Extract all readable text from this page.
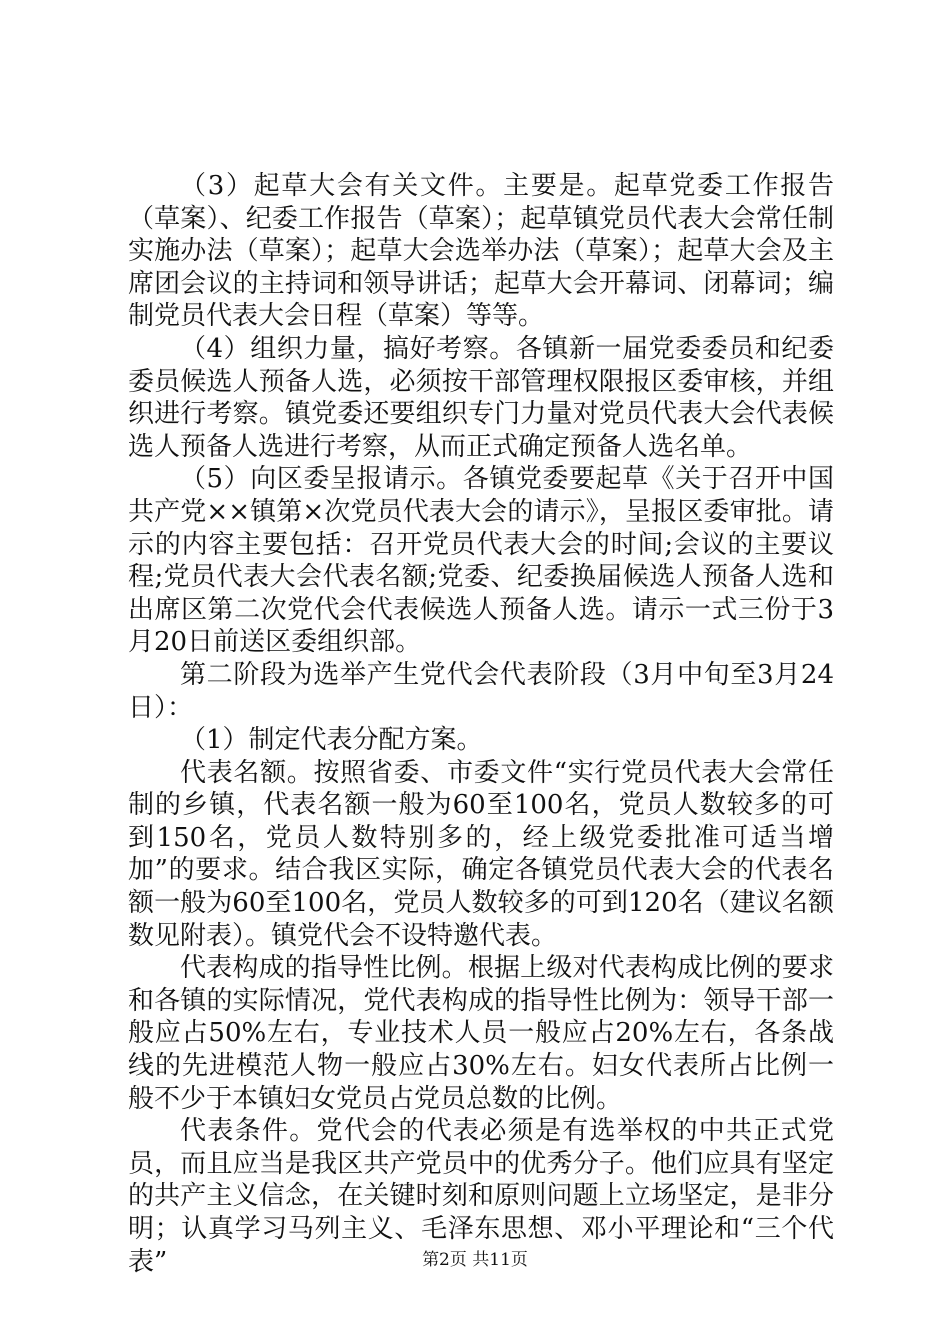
（3）起草大会有关文件。主要是。起草党委工作报告（草案）、纪委工作报告（草案）；起草镇党员代表大会常任制实施办法（草案）；起草大会选举办法（草案）；起草大会及主席团会议的主持词和领导讲话；起草大会开幕词、闭幕词；编制党员代表大会日程（草案）等等。

（4）组织力量，搞好考察。各镇新一届党委委员和纪委委员候选人预备人选，必须按干部管理权限报区委审核，并组织进行考察。镇党委还要组织专门力量对党员代表大会代表候选人预备人选进行考察，从而正式确定预备人选名单。

（5）向区委呈报请示。各镇党委要起草《关于召开中国共产党××镇第×次党员代表大会的请示》，呈报区委审批。请示的内容主要包括：召开党员代表大会的时间;会议的主要议程;党员代表大会代表名额;党委、纪委换届候选人预备人选和出席区第二次党代会代表候选人预备人选。请示一式三份于3月20日前送区委组织部。

第二阶段为选举产生党代会代表阶段（3月中旬至3月24日）：

（1）制定代表分配方案。

代表名额。按照省委、市委文件“实行党员代表大会常任制的乡镇，代表名额一般为60至100名，党员人数较多的可到150名，党员人数特别多的，经上级党委批准可适当增加”的要求。结合我区实际，确定各镇党员代表大会的代表名额一般为60至100名，党员人数较多的可到120名（建议名额数见附表）。镇党代会不设特邀代表。

代表构成的指导性比例。根据上级对代表构成比例的要求和各镇的实际情况，党代表构成的指导性比例为：领导干部一般应占50%左右，专业技术人员一般应占20%左右，各条战线的先进模范人物一般应占30%左右。妇女代表所占比例一般不少于本镇妇女党员占党员总数的比例。

代表条件。党代会的代表必须是有选举权的中共正式党员，而且应当是我区共产党员中的优秀分子。他们应具有坚定的共产主义信念，在关键时刻和原则问题上立场坚定，是非分明；认真学习马列主义、毛泽东思想、邓小平理论和“三个代表”	第2页 共11页
